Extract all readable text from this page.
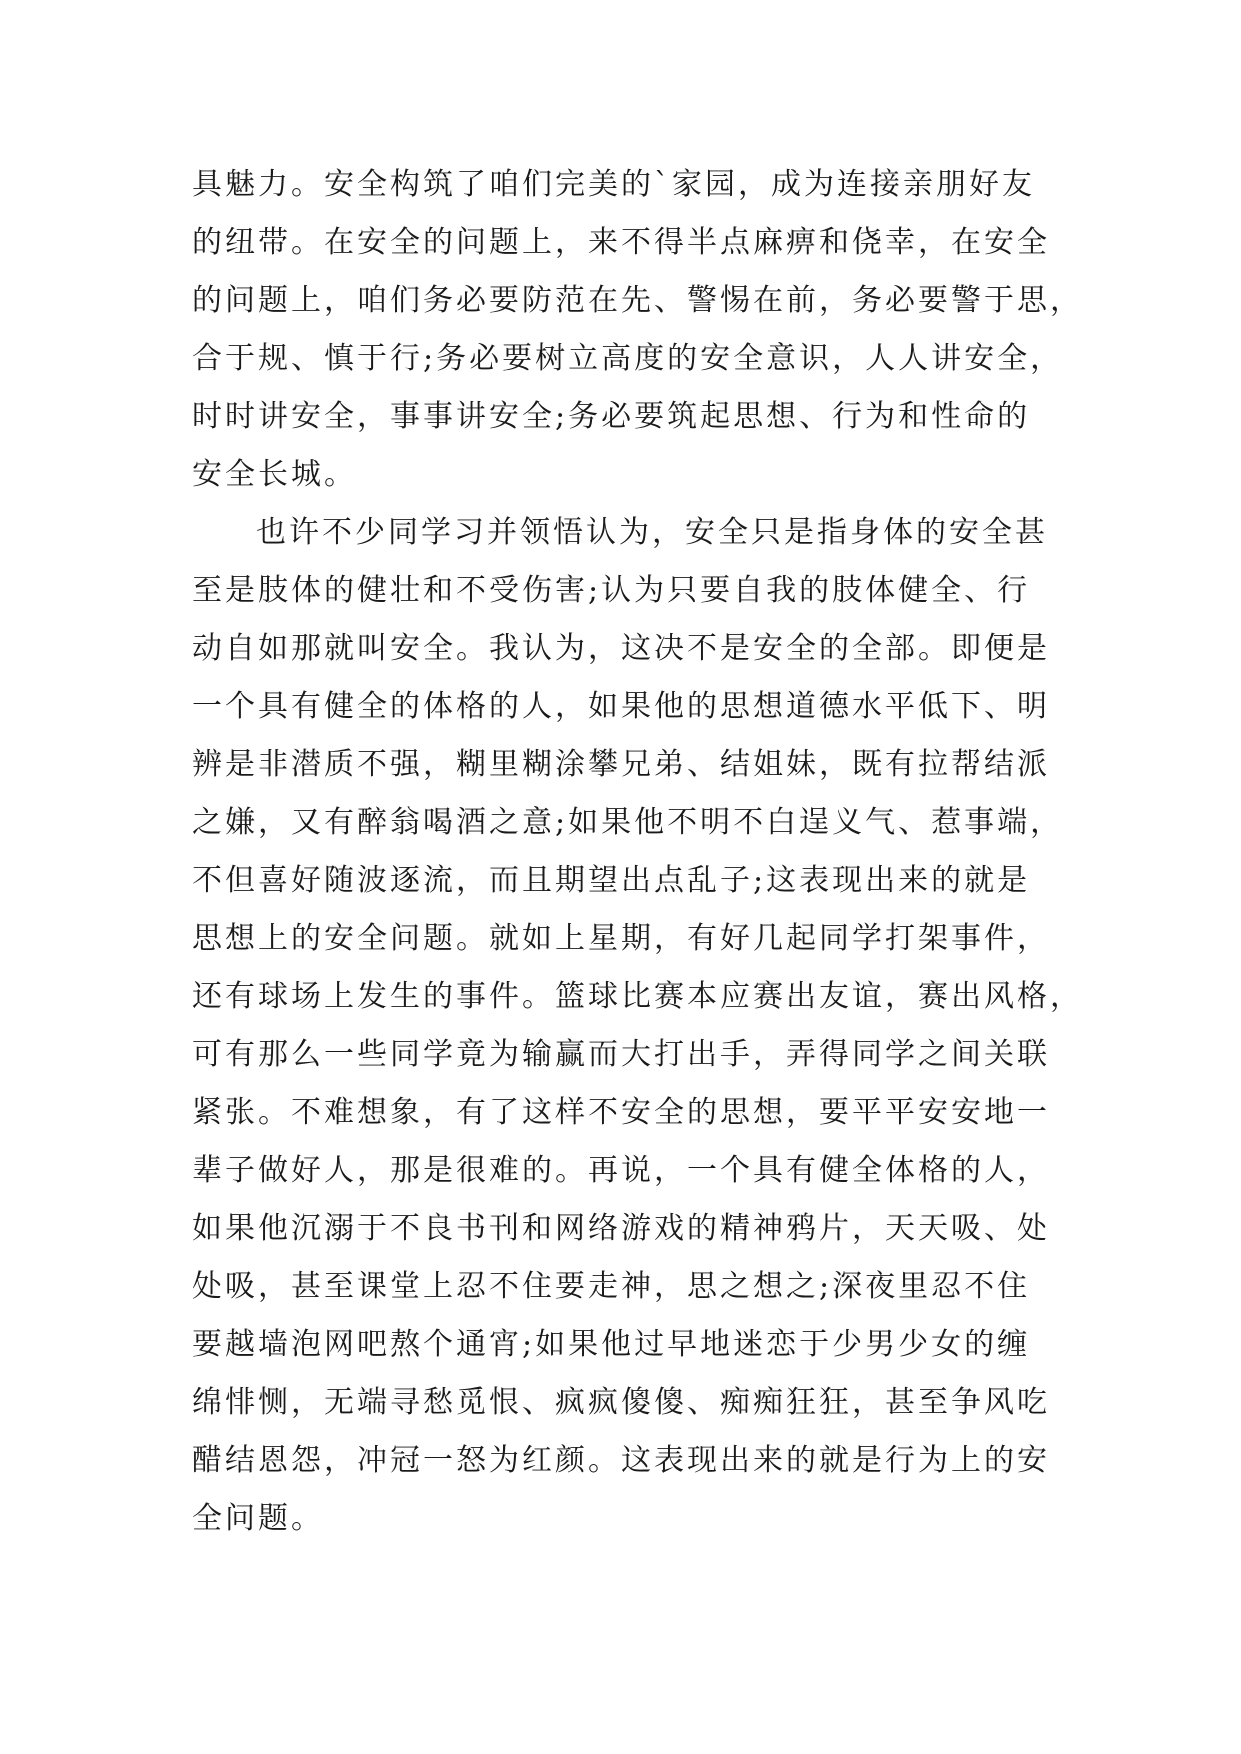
具魅力。安全构筑了咱们完美的`家园，成为连接亲朋好友
的纽带。在安全的问题上，来不得半点麻痹和侥幸，在安全
的问题上，咱们务必要防范在先、警惕在前，务必要警于思，
合于规、慎于行;务必要树立高度的安全意识，人人讲安全，
时时讲安全，事事讲安全;务必要筑起思想、行为和性命的
安全长城。
也许不少同学习并领悟认为，安全只是指身体的安全甚
至是肢体的健壮和不受伤害;认为只要自我的肢体健全、行
动自如那就叫安全。我认为，这决不是安全的全部。即便是
一个具有健全的体格的人，如果他的思想道德水平低下、明
辨是非潜质不强，糊里糊涂攀兄弟、结姐妹，既有拉帮结派
之嫌，又有醉翁喝酒之意;如果他不明不白逞义气、惹事端，
不但喜好随波逐流，而且期望出点乱子;这表现出来的就是
思想上的安全问题。就如上星期，有好几起同学打架事件，
还有球场上发生的事件。篮球比赛本应赛出友谊，赛出风格，
可有那么一些同学竟为输赢而大打出手，弄得同学之间关联
紧张。不难想象，有了这样不安全的思想，要平平安安地一
辈子做好人，那是很难的。再说，一个具有健全体格的人，
如果他沉溺于不良书刊和网络游戏的精神鸦片，天天吸、处
处吸，甚至课堂上忍不住要走神，思之想之;深夜里忍不住
要越墙泡网吧熬个通宵;如果他过早地迷恋于少男少女的缠
绵悱恻，无端寻愁觅恨、疯疯傻傻、痴痴狂狂，甚至争风吃
醋结恩怨，冲冠一怒为红颜。这表现出来的就是行为上的安
全问题。
